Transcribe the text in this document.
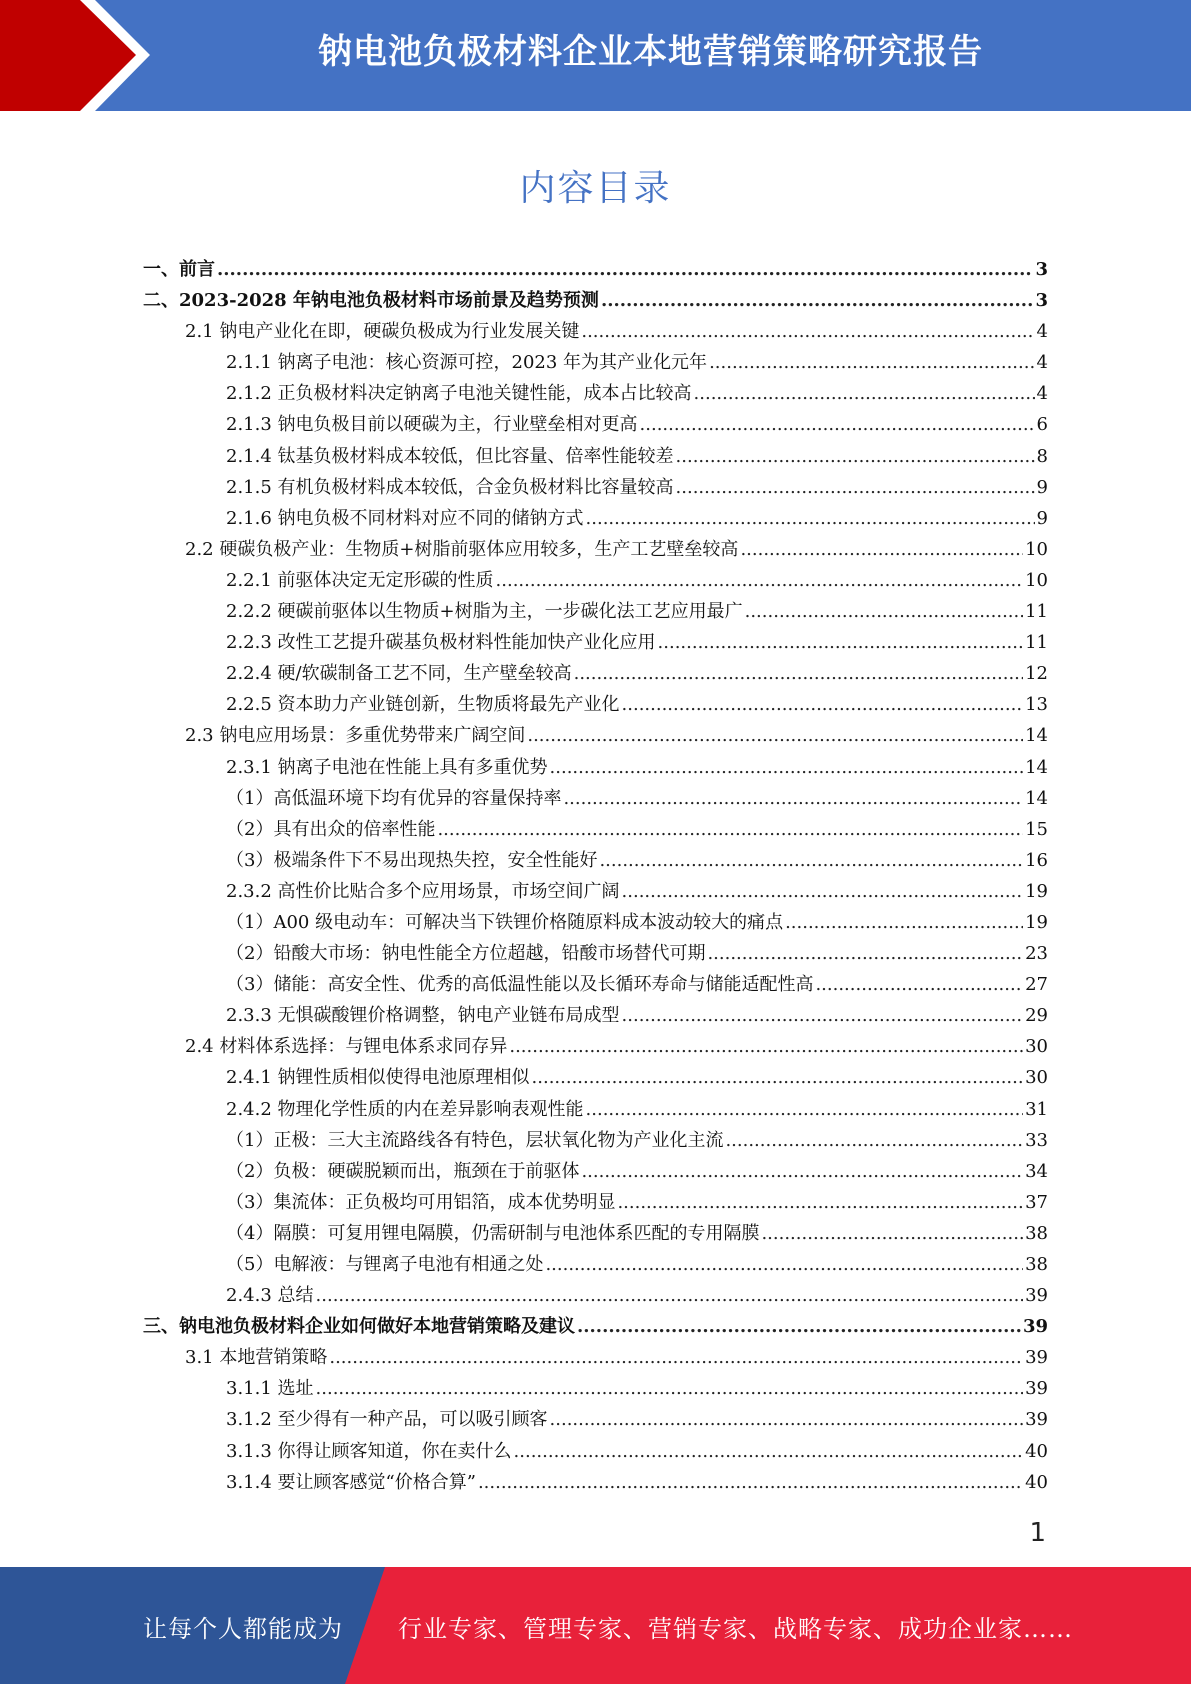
钠电池负极材料企业本地营销策略研究报告
内容目录
一、前言 .....	3
二、2023-2028 年钠电池负极材料市场前景及趋势预测 .....	3
2.1 钠电产业化在即，硬碳负极成为行业发展关键 .....	4
2.1.1 钠离子电池：核心资源可控，2023 年为其产业化元年 .....	4
2.1.2 正负极材料决定钠离子电池关键性能，成本占比较高 .....	4
2.1.3 钠电负极目前以硬碳为主，行业壁垒相对更高 .....	6
2.1.4 钛基负极材料成本较低，但比容量、倍率性能较差 .....	8
2.1.5 有机负极材料成本较低，合金负极材料比容量较高 .....	9
2.1.6 钠电负极不同材料对应不同的储钠方式 .....	9
2.2 硬碳负极产业：生物质+树脂前驱体应用较多，生产工艺壁垒较高 .....	10
2.2.1 前驱体决定无定形碳的性质 .....	10
2.2.2 硬碳前驱体以生物质+树脂为主，一步碳化法工艺应用最广 .....	11
2.2.3 改性工艺提升碳基负极材料性能加快产业化应用 .....	11
2.2.4 硬/软碳制备工艺不同，生产壁垒较高 .....	12
2.2.5 资本助力产业链创新，生物质将最先产业化 .....	13
2.3 钠电应用场景：多重优势带来广阔空间 .....	14
2.3.1 钠离子电池在性能上具有多重优势 .....	14
（1）高低温环境下均有优异的容量保持率 .....	14
（2）具有出众的倍率性能 .....	15
（3）极端条件下不易出现热失控，安全性能好 .....	16
2.3.2 高性价比贴合多个应用场景，市场空间广阔 .....	19
（1）A00 级电动车：可解决当下铁锂价格随原料成本波动较大的痛点 .....	19
（2）铅酸大市场：钠电性能全方位超越，铅酸市场替代可期 .....	23
（3）储能：高安全性、优秀的高低温性能以及长循环寿命与储能适配性高 .....	27
2.3.3 无惧碳酸锂价格调整，钠电产业链布局成型 .....	29
2.4 材料体系选择：与锂电体系求同存异 .....	30
2.4.1 钠锂性质相似使得电池原理相似 .....	30
2.4.2 物理化学性质的内在差异影响表观性能 .....	31
（1）正极：三大主流路线各有特色，层状氧化物为产业化主流 .....	33
（2）负极：硬碳脱颖而出，瓶颈在于前驱体 .....	34
（3）集流体：正负极均可用铝箔，成本优势明显 .....	37
（4）隔膜：可复用锂电隔膜，仍需研制与电池体系匹配的专用隔膜 .....	38
（5）电解液：与锂离子电池有相通之处 .....	38
2.4.3 总结 .....	39
三、钠电池负极材料企业如何做好本地营销策略及建议 .....	39
3.1 本地营销策略 .....	39
3.1.1 选址 .....	39
3.1.2 至少得有一种产品，可以吸引顾客 .....	39
3.1.3 你得让顾客知道，你在卖什么 .....	40
3.1.4 要让顾客感觉“价格合算” .....	40
1
让每个人都能成为 行业专家、管理专家、营销专家、战略专家、成功企业家……
